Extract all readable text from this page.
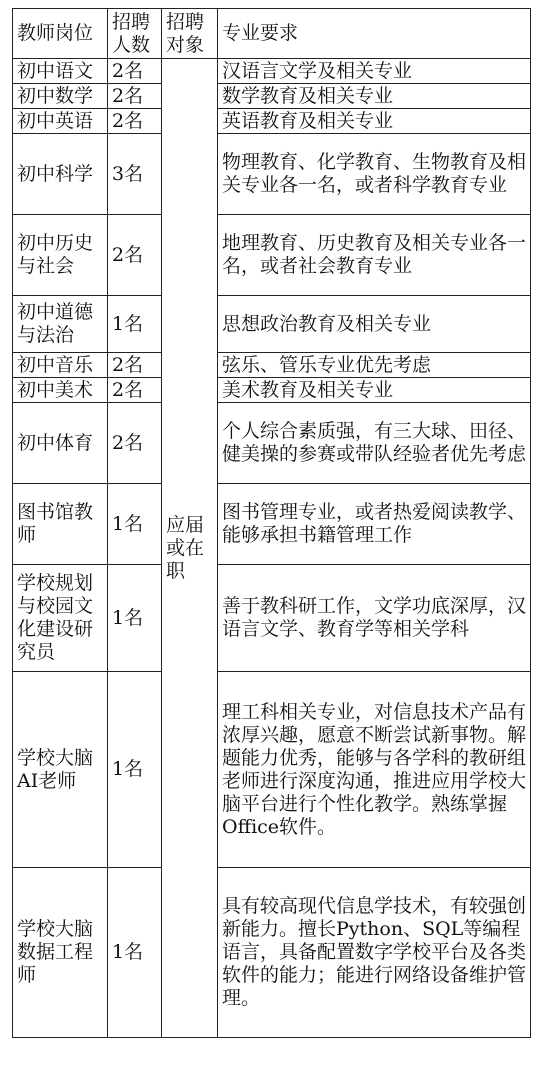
教师岗位	招聘人数	招聘对象	专业要求
初中语文	2名	应届或在职	汉语言文学及相关专业
初中数学	2名		数学教育及相关专业
初中英语	2名		英语教育及相关专业
初中科学	3名		物理教育、化学教育、生物教育及相关专业各一名，或者科学教育专业
初中历史与社会	2名		地理教育、历史教育及相关专业各一名，或者社会教育专业
初中道德与法治	1名		思想政治教育及相关专业
初中音乐	2名		弦乐、管乐专业优先考虑
初中美术	2名		美术教育及相关专业
初中体育	2名		个人综合素质强，有三大球、田径、健美操的参赛或带队经验者优先考虑
图书馆教师	1名		图书管理专业，或者热爱阅读教学、能够承担书籍管理工作
学校规划与校园文化建设研究员	1名		善于教科研工作，文学功底深厚，汉语言文学、教育学等相关学科
学校大脑AI老师	1名		理工科相关专业，对信息技术产品有浓厚兴趣，愿意不断尝试新事物。解题能力优秀，能够与各学科的教研组老师进行深度沟通，推进应用学校大脑平台进行个性化教学。熟练掌握Office软件。
学校大脑数据工程师	1名		具有较高现代信息学技术，有较强创新能力。擅长Python、SQL等编程语言，具备配置数字学校平台及各类软件的能力；能进行网络设备维护管理。
